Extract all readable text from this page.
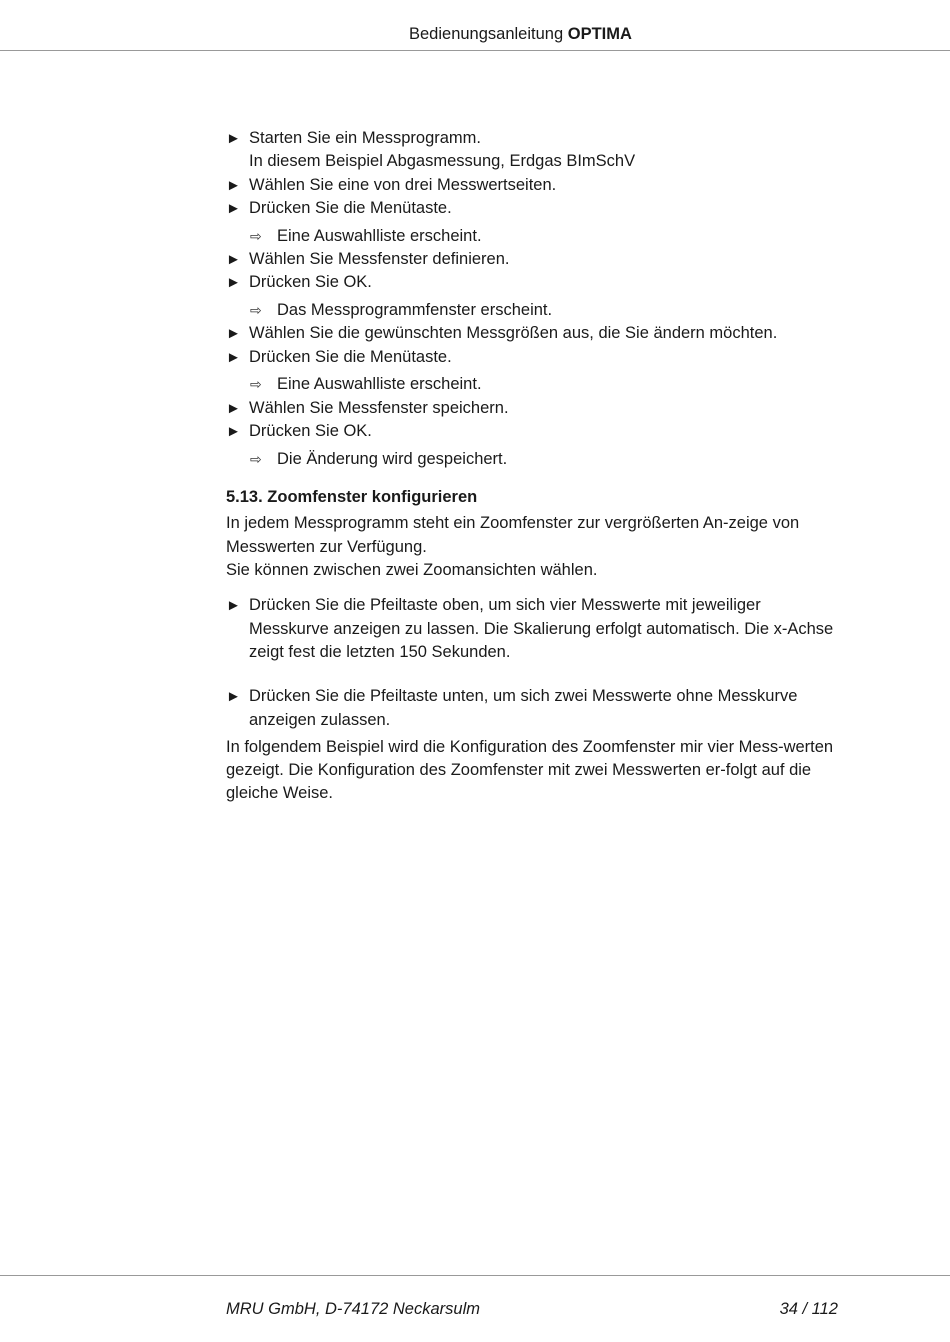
Bedienungsanleitung OPTIMA
► Starten Sie ein Messprogramm.
In diesem Beispiel Abgasmessung, Erdgas BImSchV
► Wählen Sie eine von drei Messwertseiten.
► Drücken Sie die Menütaste.
⇨ Eine Auswahlliste erscheint.
► Wählen Sie Messfenster definieren.
► Drücken Sie OK.
⇨ Das Messprogrammfenster erscheint.
► Wählen Sie die gewünschten Messgrößen aus, die Sie ändern möchten.
► Drücken Sie die Menütaste.
⇨ Eine Auswahlliste erscheint.
► Wählen Sie Messfenster speichern.
► Drücken Sie OK.
⇨ Die Änderung wird gespeichert.
5.13. Zoomfenster konfigurieren

In jedem Messprogramm steht ein Zoomfenster zur vergrößerten An-zeige von Messwerten zur Verfügung.

Sie können zwischen zwei Zoomansichten wählen.

► Drücken Sie die Pfeiltaste oben, um sich vier Messwerte mit jeweiliger Messkurve anzeigen zu lassen. Die Skalierung erfolgt automatisch. Die x-Achse zeigt fest die letzten 150 Sekunden.
► Drücken Sie die Pfeiltaste unten, um sich zwei Messwerte ohne Messkurve anzeigen zulassen.

In folgendem Beispiel wird die Konfiguration des Zoomfenster mir vier Mess-werten gezeigt. Die Konfiguration des Zoomfenster mit zwei Messwerten er-folgt auf die gleiche Weise.

MRU GmbH, D-74172 Neckarsulm	34 / 112
